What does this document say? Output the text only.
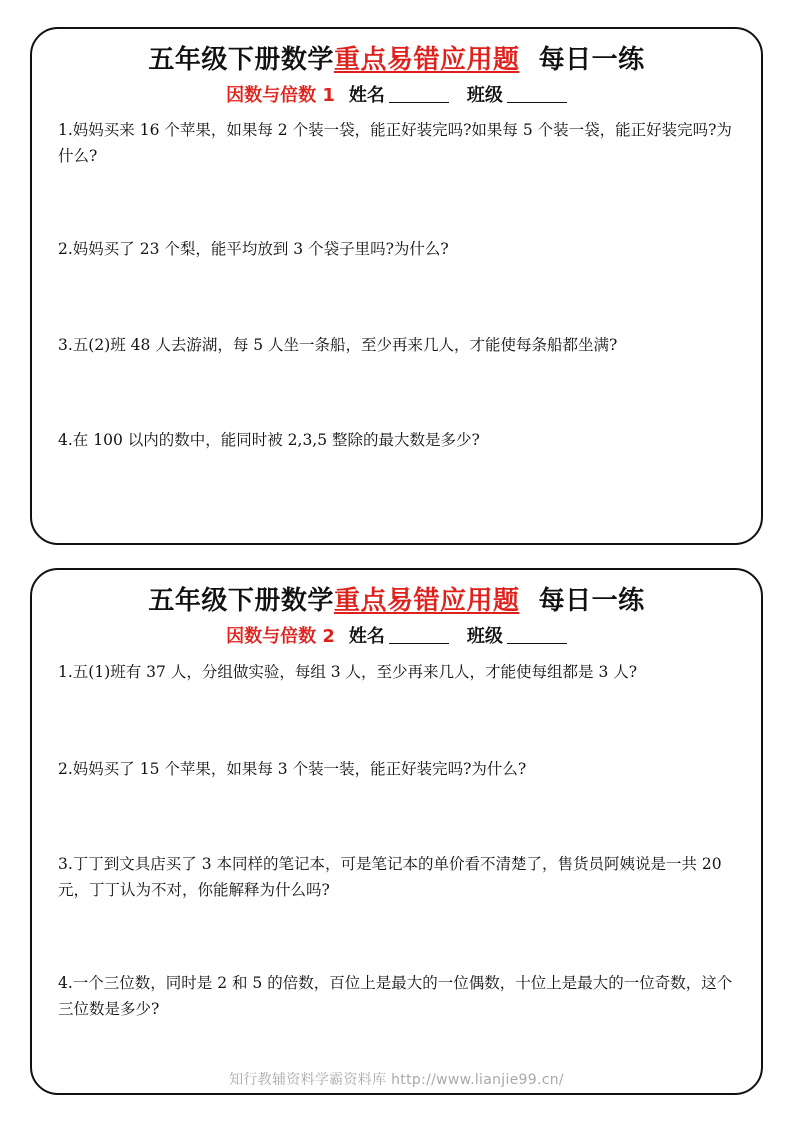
五年级下册数学重点易错应用题 每日一练
因数与倍数 1 姓名	班级
1.妈妈买来 16 个苹果，如果每 2 个装一袋，能正好装完吗?如果每 5 个装一袋，能正好装完吗?为什么?
2.妈妈买了 23 个梨，能平均放到 3 个袋子里吗?为什么?
3.五(2)班 48 人去游湖，每 5 人坐一条船，至少再来几人，才能使每条船都坐满?
4.在 100 以内的数中，能同时被 2,3,5 整除的最大数是多少?
五年级下册数学重点易错应用题 每日一练
因数与倍数 2 姓名	班级
1.五(1)班有 37 人，分组做实验，每组 3 人，至少再来几人，才能使每组都是 3 人?
2.妈妈买了 15 个苹果，如果每 3 个装一装，能正好装完吗?为什么?
3.丁丁到文具店买了 3 本同样的笔记本，可是笔记本的单价看不清楚了，售货员阿姨说是一共 20 元，丁丁认为不对，你能解释为什么吗?
4.一个三位数，同时是 2 和 5 的倍数，百位上是最大的一位偶数，十位上是最大的一位奇数，这个三位数是多少?
知行教辅资料学霸资料库 http://www.lianjie99.cn/
